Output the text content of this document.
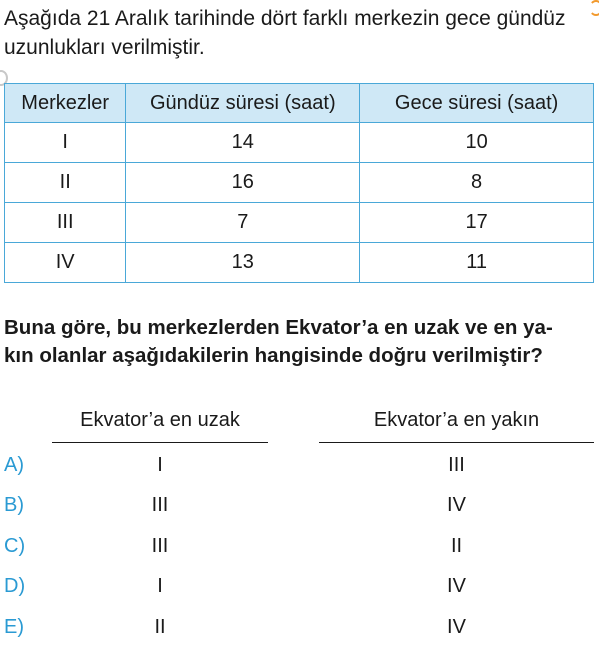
Aşağıda 21 Aralık tarihinde dört farklı merkezin gece gündüz
uzunlukları verilmiştir.
Merkezler	Gündüz süresi (saat)	Gece süresi (saat)
I	14	10
II	16	8
III	7	17
IV	13	11
Buna göre, bu merkezlerden Ekvator’a en uzak ve en ya-
kın olanlar aşağıdakilerin hangisinde doğru verilmiştir?
Ekvator’a en uzak	Ekvator’a en yakın
A)	I	III
B)	III	IV
C)	III	II
D)	I	IV
E)	II	IV
